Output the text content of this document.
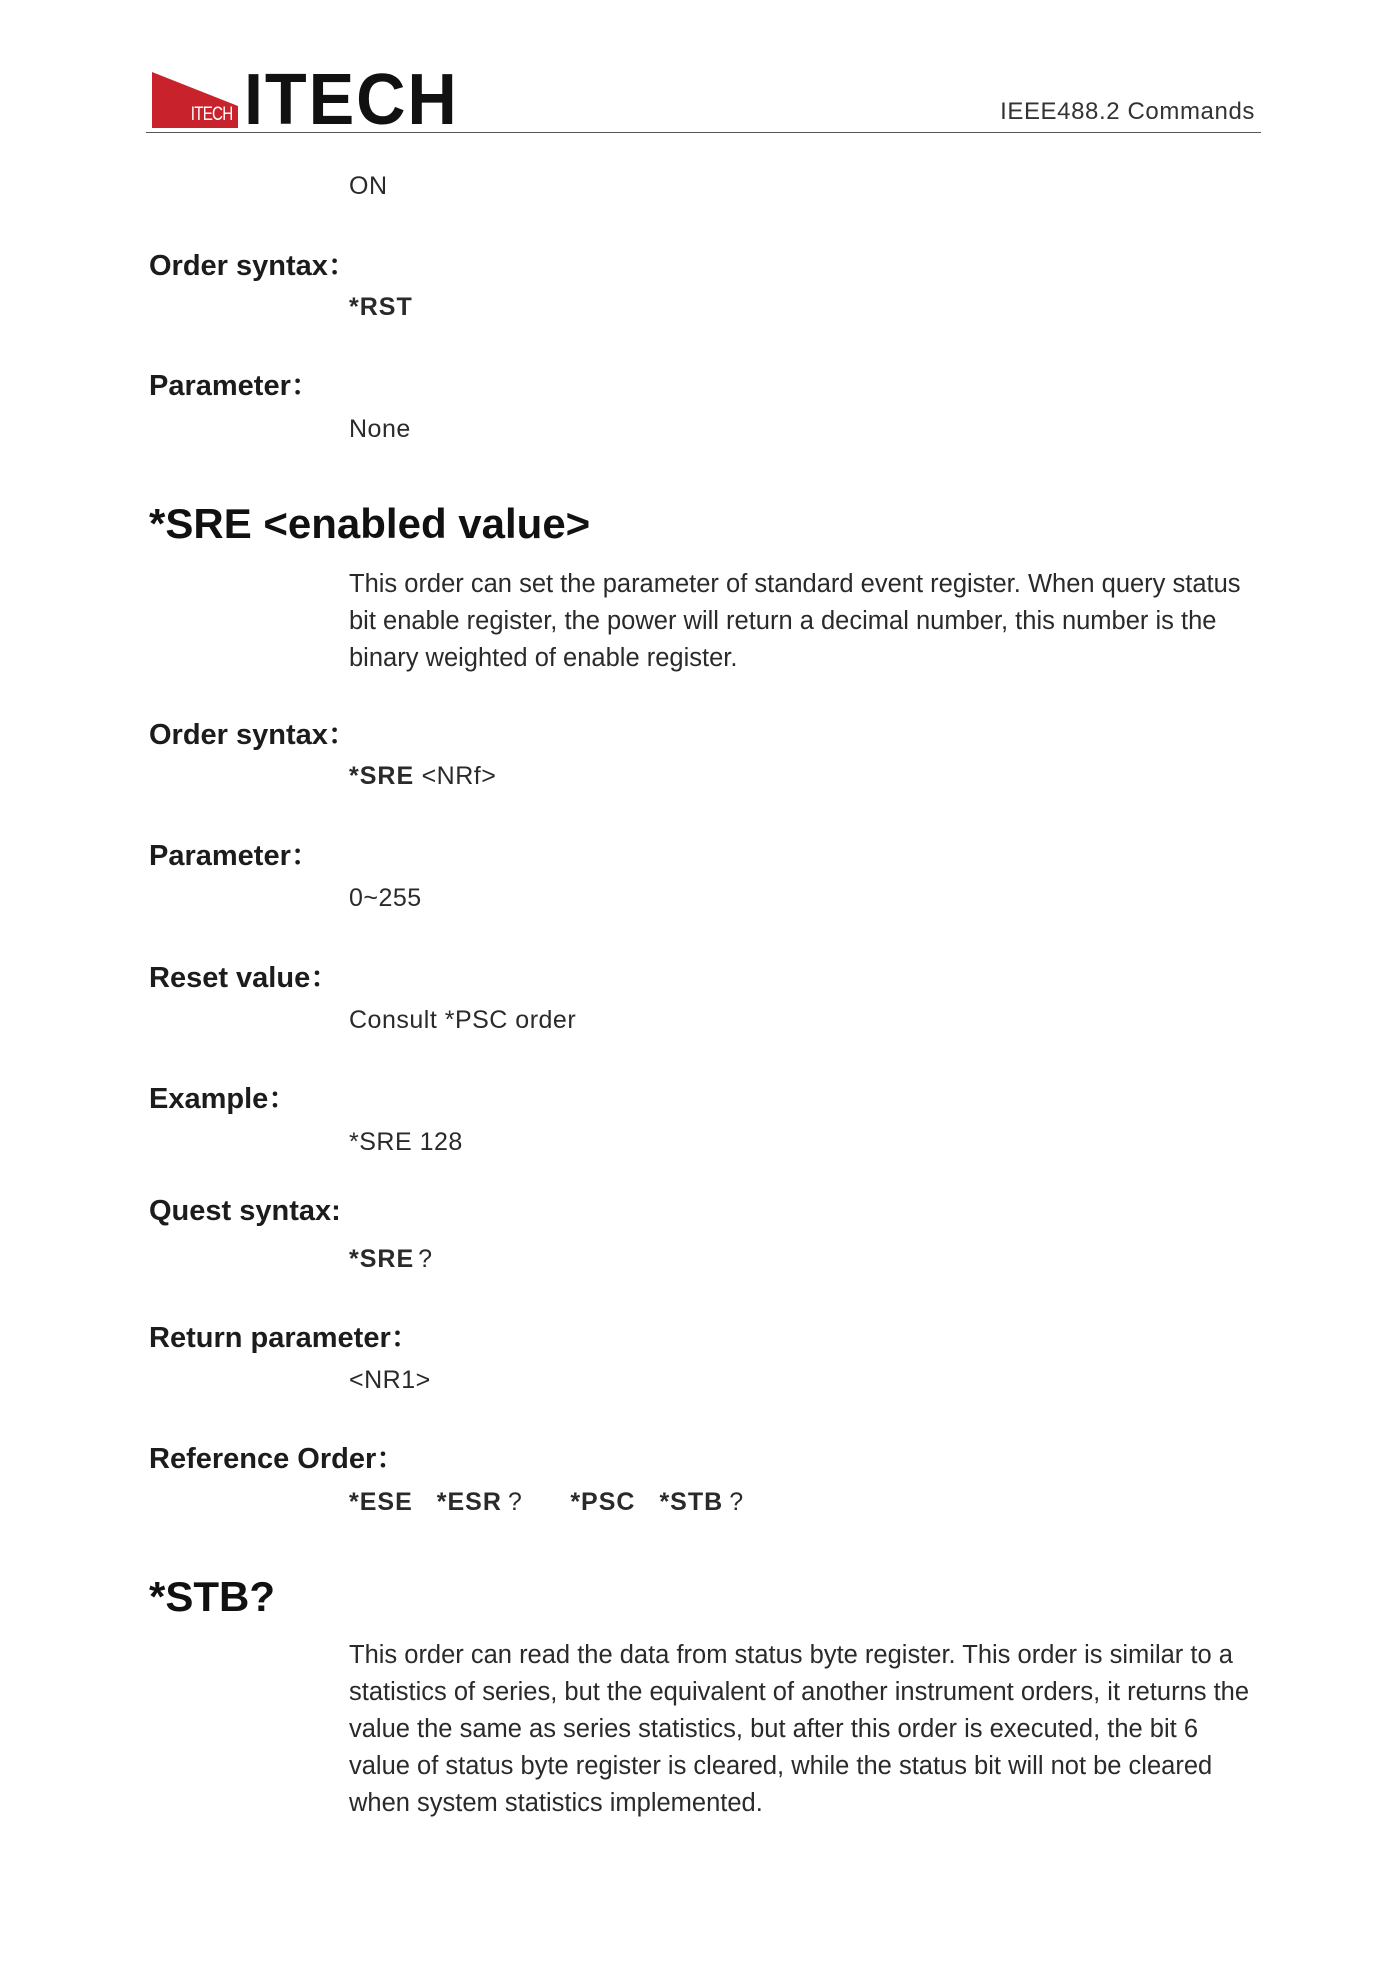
ITECH ITECH	IEEE488.2 Commands
ON
Order syntax：
*RST
Parameter：
None
*SRE <enabled value>
This order can set the parameter of standard event register. When query status bit enable register, the power will return a decimal number, this number is the binary weighted of enable register.
Order syntax：
*SRE <NRf>
Parameter：
0~255
Reset value：
Consult *PSC order
Example：
*SRE 128
Quest syntax:
*SRE ?
Return parameter：
<NR1>
Reference Order：
*ESE *ESR ? *PSC *STB ?
*STB?
This order can read the data from status byte register. This order is similar to a statistics of series, but the equivalent of another instrument orders, it returns the value the same as series statistics, but after this order is executed, the bit 6 value of status byte register is cleared, while the status bit will not be cleared when system statistics implemented.
